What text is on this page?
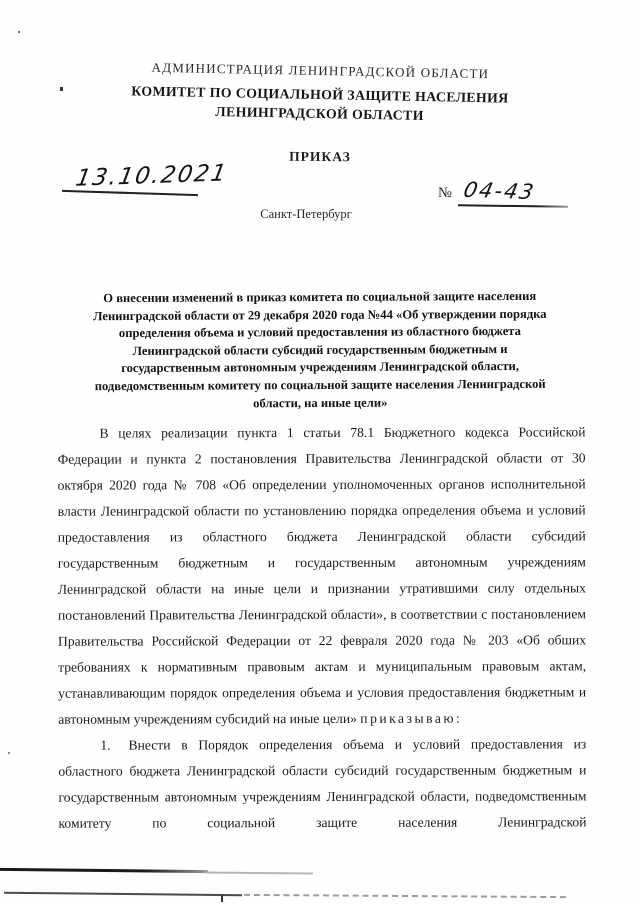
АДМИНИСТРАЦИЯ ЛЕНИНГРАДСКОЙ ОБЛАСТИ
КОМИТЕТ ПО СОЦИАЛЬНОЙ ЗАЩИТЕ НАСЕЛЕНИЯ
ЛЕНИНГРАДСКОЙ ОБЛАСТИ
ПРИКАЗ
13.10.2021
№ 04-43
Санкт-Петербург
О внесении изменений в приказ комитета по социальной защите населения
Ленинградской области от 29 декабря 2020 года №44 «Об утверждении порядка
определения объема и условий предоставления из областного бюджета
Ленинградской области субсидий государственным бюджетным и
государственным автономным учреждениям Ленинградской области,
подведомственным комитету по социальной защите населения Ленинградской
области, на иные цели»

В целях реализации пункта 1 статьи 78.1 Бюджетного кодекса Российской Федерации и пункта 2 постановления Правительства Ленинградской области от 30 октября 2020 года № 708 «Об определении уполномоченных органов исполнительной власти Ленинградской области по установлению порядка определения объема и условий предоставления из областного бюджета Ленинградской области субсидий государственным бюджетным и государственным автономным учреждениям Ленинградской области на иные цели и признании утратившими силу отдельных постановлений Правительства Ленинградской области», в соответствии с постановлением Правительства Российской Федерации от 22 февраля 2020 года № 203 «Об обших требованиях к нормативным правовым актам и муниципальным правовым актам, устанавливающим порядок определения объема и условия предоставления бюджетным и автономным учреждениям субсидий на иные цели» приказываю:

1. Внести в Порядок определения объема и условий предоставления из областного бюджета Ленинградской области субсидий государственным бюджетным и государственным автономным учреждениям Ленинградской области, подведомственным комитету по социальной защите населения Ленинградской
